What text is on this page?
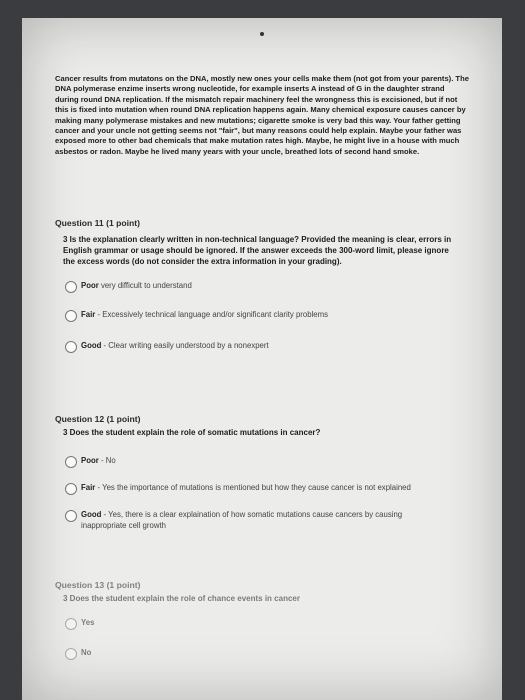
Cancer results from mutatons on the DNA, mostly new ones your cells make them (not got from your parents). The DNA polymerase enzime inserts wrong nucleotide, for example inserts A instead of G in the daughter strand during round DNA replication. If the mismatch repair machinery feel the wrongness this is excisioned, but if not this is fixed into mutation when round DNA replication happens again. Many chemical exposure causes cancer by making many polymerase mistakes and new mutations; cigarette smoke is very bad this way. Your father getting cancer and your uncle not getting seems not "fair", but many reasons could help explain. Maybe your father was exposed more to other bad chemicals that make mutation rates high. Maybe, he might live in a house with much asbestos or radon. Maybe he lived many years with your uncle, breathed lots of second hand smoke.
Question 11 (1 point)
3 Is the explanation clearly written in non-technical language? Provided the meaning is clear, errors in English grammar or usage should be ignored. If the answer exceeds the 300-word limit, please ignore the excess words (do not consider the extra information in your grading).
Poor very difficult to understand
Fair - Excessively technical language and/or significant clarity problems
Good - Clear writing easily understood by a nonexpert
Question 12 (1 point)
3 Does the student explain the role of somatic mutations in cancer?
Poor - No
Fair - Yes the importance of mutations is mentioned but how they cause cancer is not explained
Good - Yes, there is a clear explaination of how somatic mutations cause cancers by causing inappropriate cell growth
Question 13 (1 point)
3 Does the student explain the role of chance events in cancer
Yes
No
